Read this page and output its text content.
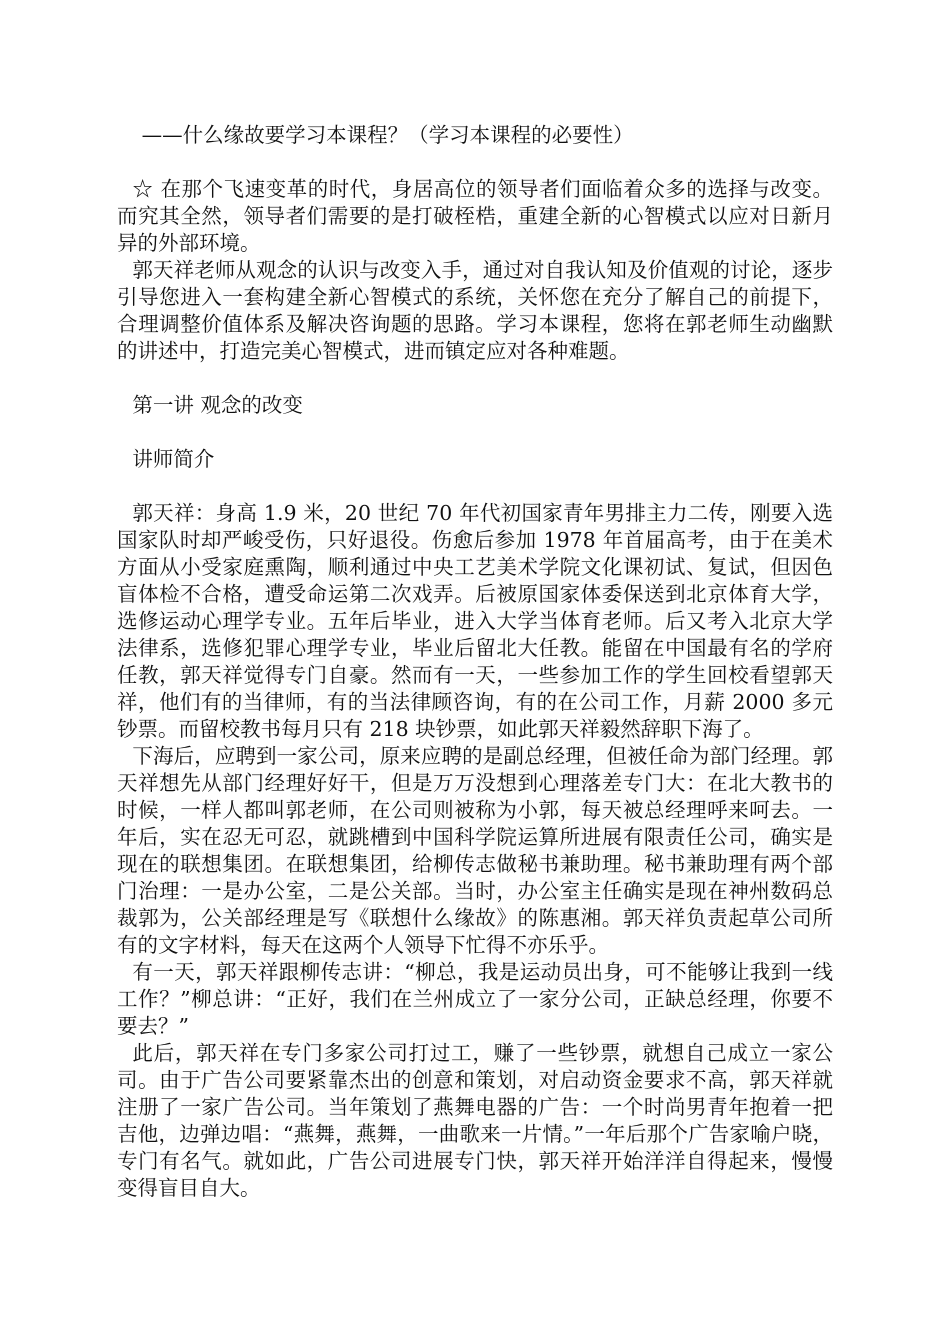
——什么缘故要学习本课程？（学习本课程的必要性）

☆ 在那个飞速变革的时代，身居高位的领导者们面临着众多的选择与改变。而究其全然，领导者们需要的是打破桎梏，重建全新的心智模式以应对日新月异的外部环境。

郭天祥老师从观念的认识与改变入手，通过对自我认知及价值观的讨论，逐步引导您进入一套构建全新心智模式的系统，关怀您在充分了解自己的前提下，合理调整价值体系及解决咨询题的思路。学习本课程，您将在郭老师生动幽默的讲述中，打造完美心智模式，进而镇定应对各种难题。

第一讲 观念的改变

讲师简介

郭天祥：身高 1.9 米，20 世纪 70 年代初国家青年男排主力二传，刚要入选国家队时却严峻受伤，只好退役。伤愈后参加 1978 年首届高考，由于在美术方面从小受家庭熏陶，顺利通过中央工艺美术学院文化课初试、复试，但因色盲体检不合格，遭受命运第二次戏弄。后被原国家体委保送到北京体育大学，选修运动心理学专业。五年后毕业，进入大学当体育老师。后又考入北京大学法律系，选修犯罪心理学专业，毕业后留北大任教。能留在中国最有名的学府任教，郭天祥觉得专门自豪。然而有一天，一些参加工作的学生回校看望郭天祥，他们有的当律师，有的当法律顾咨询，有的在公司工作，月薪 2000 多元钞票。而留校教书每月只有 218 块钞票，如此郭天祥毅然辞职下海了。

下海后，应聘到一家公司，原来应聘的是副总经理，但被任命为部门经理。郭天祥想先从部门经理好好干，但是万万没想到心理落差专门大：在北大教书的时候，一样人都叫郭老师，在公司则被称为小郭，每天被总经理呼来呵去。一年后，实在忍无可忍，就跳槽到中国科学院运算所进展有限责任公司，确实是现在的联想集团。在联想集团，给柳传志做秘书兼助理。秘书兼助理有两个部门治理：一是办公室，二是公关部。当时，办公室主任确实是现在神州数码总裁郭为，公关部经理是写《联想什么缘故》的陈惠湘。郭天祥负责起草公司所有的文字材料，每天在这两个人领导下忙得不亦乐乎。

有一天，郭天祥跟柳传志讲：“柳总，我是运动员出身，可不能够让我到一线工作？”柳总讲：“正好，我们在兰州成立了一家分公司，正缺总经理，你要不要去？”

此后，郭天祥在专门多家公司打过工，赚了一些钞票，就想自己成立一家公司。由于广告公司要紧靠杰出的创意和策划，对启动资金要求不高，郭天祥就注册了一家广告公司。当年策划了燕舞电器的广告：一个时尚男青年抱着一把吉他，边弹边唱：“燕舞，燕舞，一曲歌来一片情。”一年后那个广告家喻户晓，专门有名气。就如此，广告公司进展专门快，郭天祥开始洋洋自得起来，慢慢变得盲目自大。
